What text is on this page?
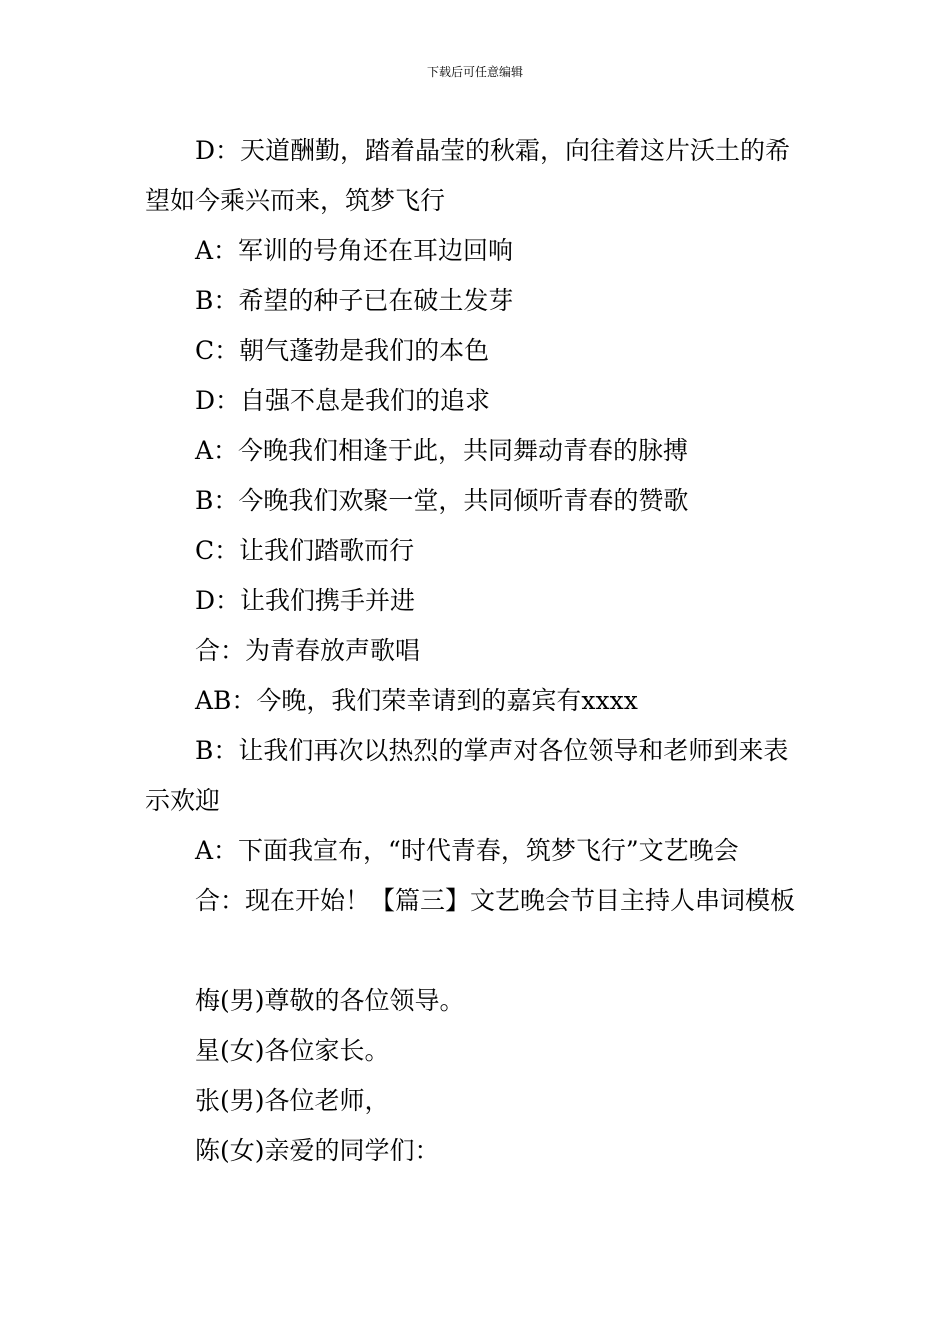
下载后可任意编辑

D：天道酬勤，踏着晶莹的秋霜，向往着这片沃土的希望如今乘兴而来，筑梦飞行

A：军训的号角还在耳边回响

B：希望的种子已在破土发芽

C：朝气蓬勃是我们的本色

D：自强不息是我们的追求

A：今晚我们相逢于此，共同舞动青春的脉搏

B：今晚我们欢聚一堂，共同倾听青春的赞歌

C：让我们踏歌而行

D：让我们携手并进

合：为青春放声歌唱

AB：今晚，我们荣幸请到的嘉宾有xxxx

B：让我们再次以热烈的掌声对各位领导和老师到来表示欢迎

A：下面我宣布，“时代青春，筑梦飞行”文艺晚会

合：现在开始！【篇三】文艺晚会节目主持人串词模板

梅(男)尊敬的各位领导。

星(女)各位家长。

张(男)各位老师，

陈(女)亲爱的同学们：
